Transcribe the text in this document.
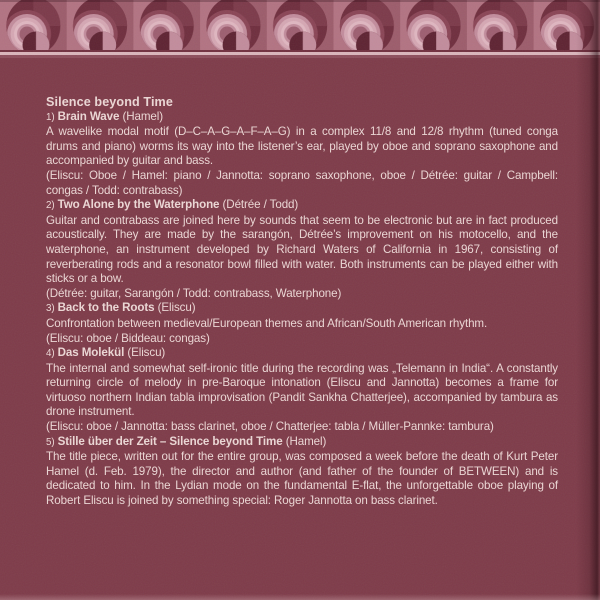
Silence beyond Time

1) Brain Wave (Hamel)

A wavelike modal motif (D–C–A–G–A–F–A–G) in a complex 11/8 and 12/8 rhythm (tuned conga drums and piano) worms its way into the listener’s ear, played by oboe and soprano saxophone and accompanied by guitar and bass.

(Eliscu: Oboe / Hamel: piano / Jannotta: soprano saxophone, oboe / Détrée: guitar / Campbell: congas / Todd: contrabass)

2) Two Alone by the Waterphone (Détrée / Todd)

Guitar and contrabass are joined here by sounds that seem to be electronic but are in fact produced acoustically. They are made by the sarangón, Détrée’s improvement on his motocello, and the waterphone, an instrument developed by Richard Waters of California in 1967, consisting of reverberating rods and a resonator bowl filled with water. Both instruments can be played either with sticks or a bow.

(Détrée: guitar, Sarangón / Todd: contrabass, Waterphone)

3) Back to the Roots (Eliscu)

Confrontation between medieval/European themes and African/South American rhythm.

(Eliscu: oboe / Biddeau: congas)

4) Das Molekül (Eliscu)

The internal and somewhat self-ironic title during the recording was „Telemann in India“. A constantly returning circle of melody in pre-Baroque intonation (Eliscu and Jannotta) becomes a frame for virtuoso northern Indian tabla improvisation (Pandit Sankha Chatterjee), accompanied by tambura as drone instrument.

(Eliscu: oboe / Jannotta: bass clarinet, oboe / Chatterjee: tabla / Müller-Pannke: tambura)

5) Stille über der Zeit – Silence beyond Time (Hamel)

The title piece, written out for the entire group, was composed a week before the death of Kurt Peter Hamel (d. Feb. 1979), the director and author (and father of the founder of BETWEEN) and is dedicated to him. In the Lydian mode on the fundamental E-flat, the unforgettable oboe playing of Robert Eliscu is joined by something special: Roger Jannotta on bass clarinet.
